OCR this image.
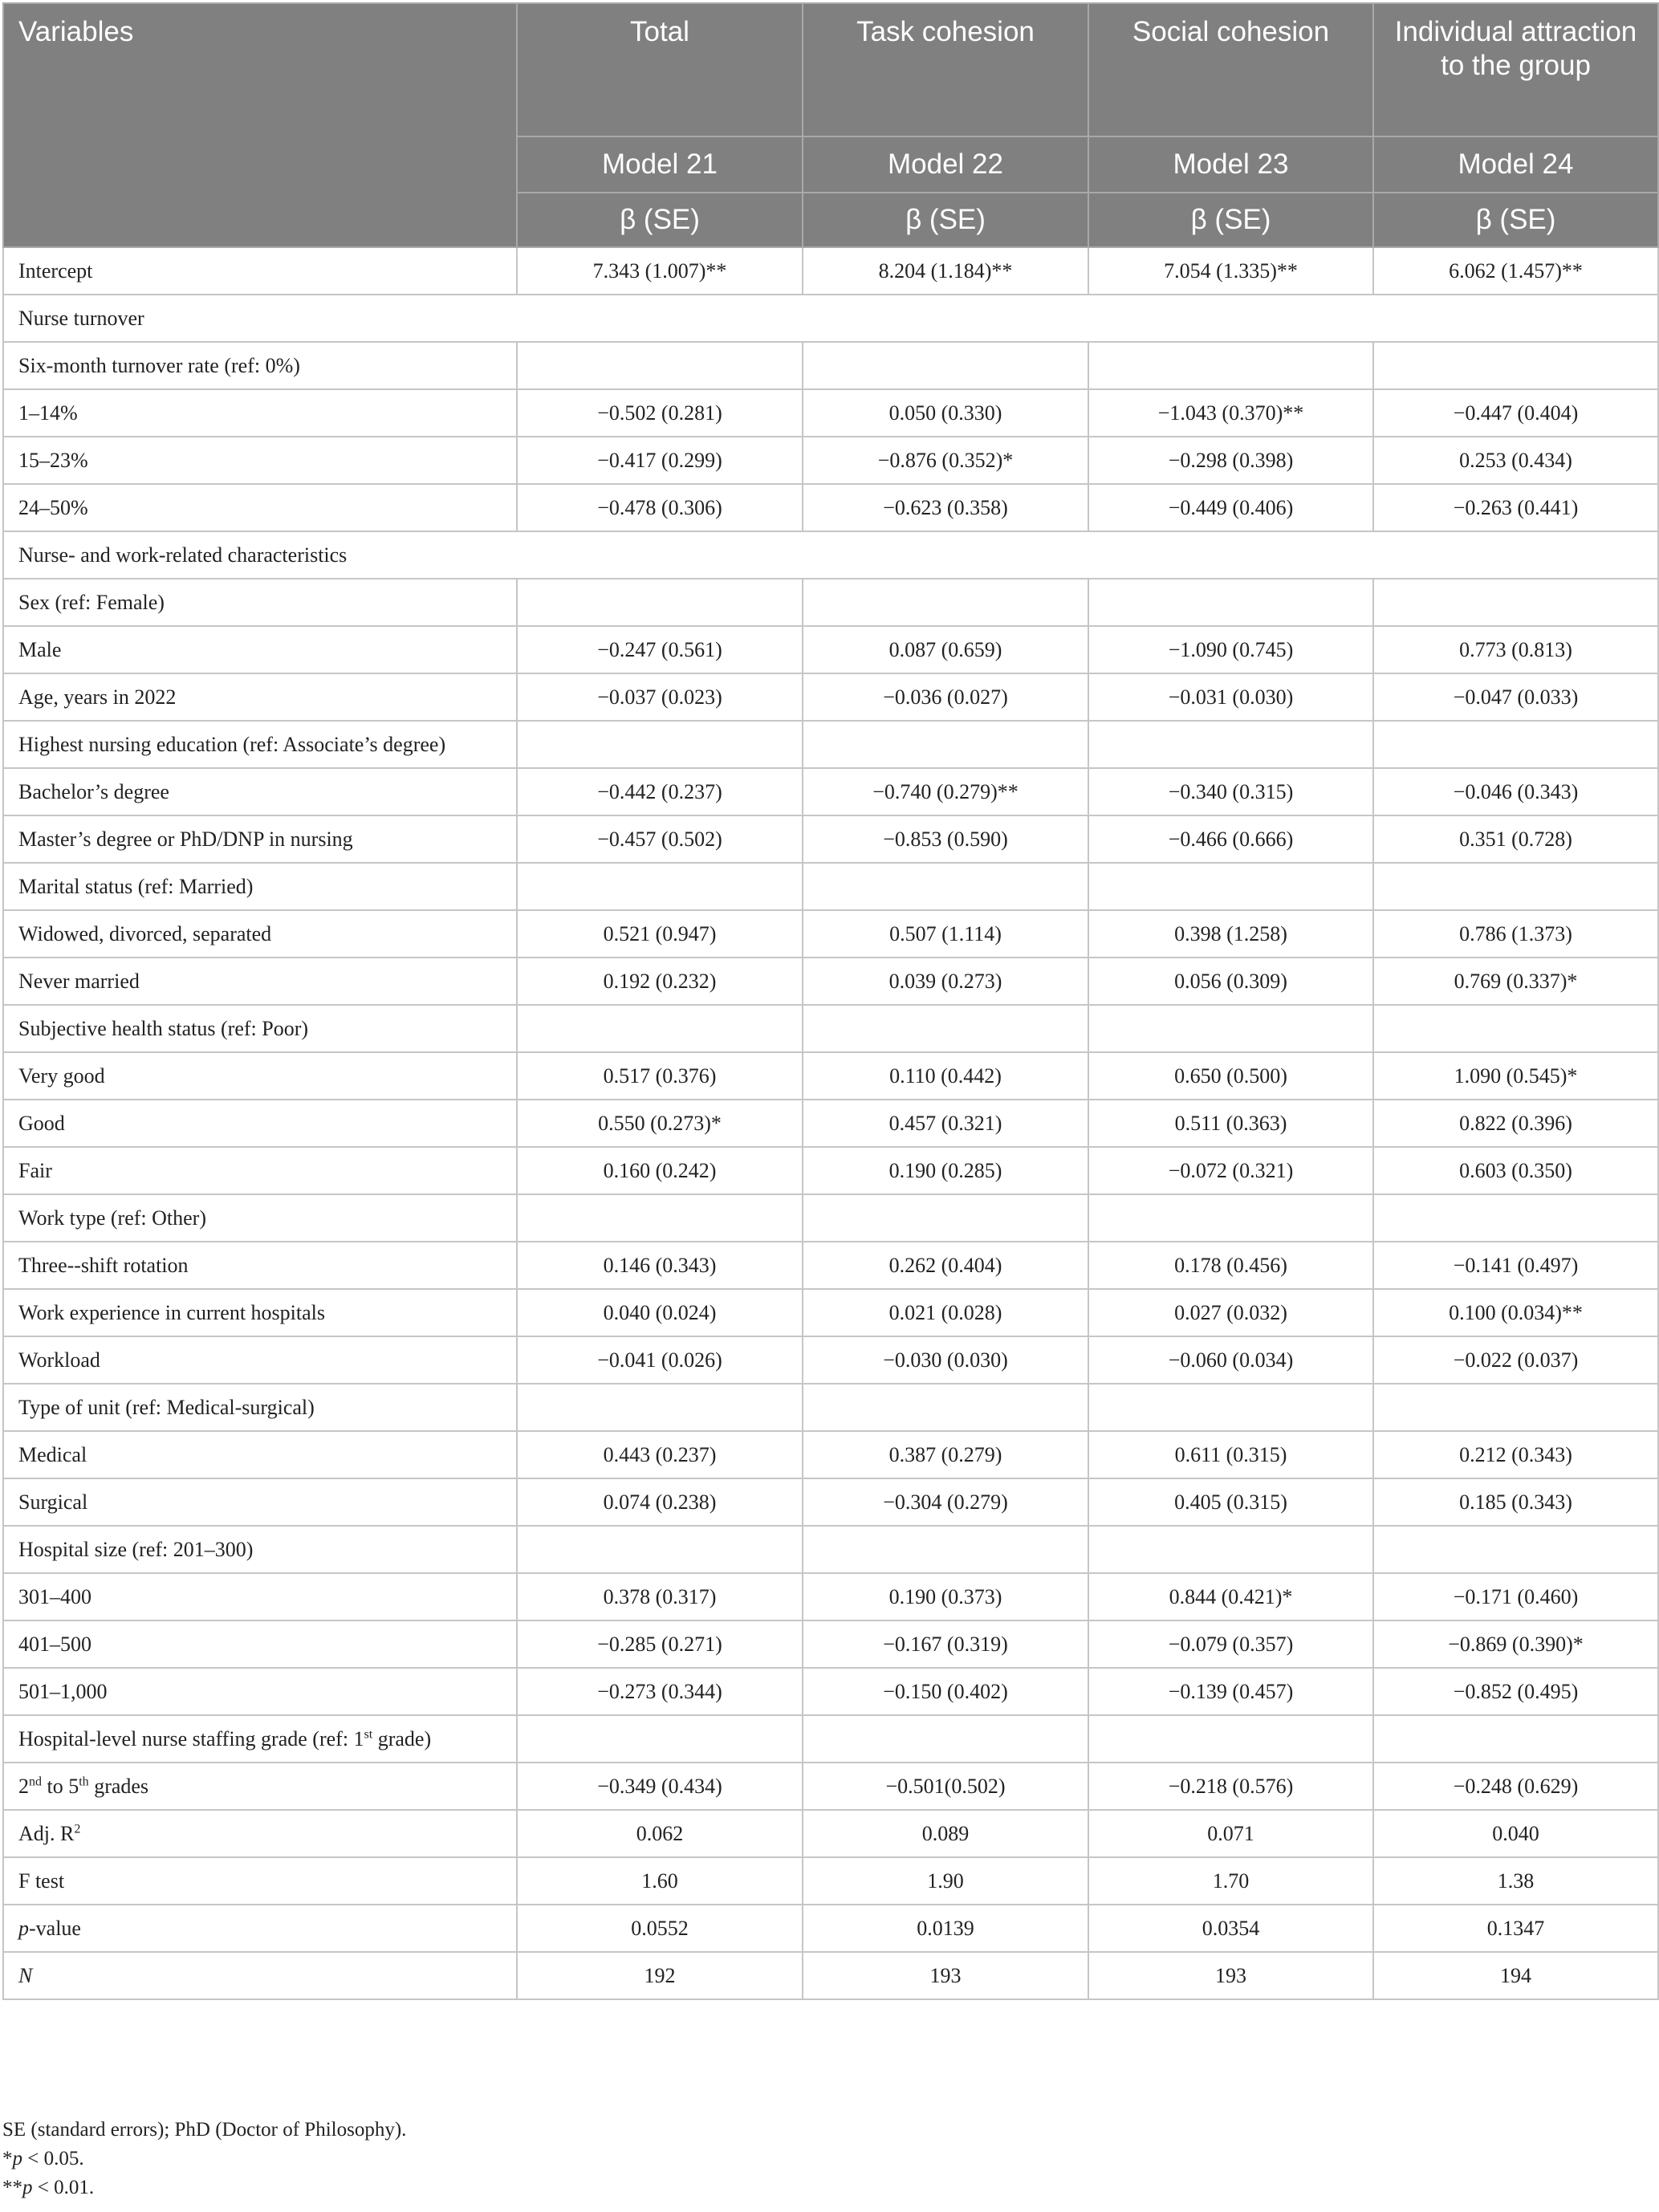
Variables	Total	Task cohesion	Social cohesion	Individual attraction to the group
	Model 21	Model 22	Model 23	Model 24
	β (SE)	β (SE)	β (SE)	β (SE)
Intercept	7.343 (1.007)**	8.204 (1.184)**	7.054 (1.335)**	6.062 (1.457)**
Nurse turnover				
Six-month turnover rate (ref: 0%)				
1–14%	−0.502 (0.281)	0.050 (0.330)	−1.043 (0.370)**	−0.447 (0.404)
15–23%	−0.417 (0.299)	−0.876 (0.352)*	−0.298 (0.398)	0.253 (0.434)
24–50%	−0.478 (0.306)	−0.623 (0.358)	−0.449 (0.406)	−0.263 (0.441)
Nurse- and work-related characteristics				
Sex (ref: Female)				
Male	−0.247 (0.561)	0.087 (0.659)	−1.090 (0.745)	0.773 (0.813)
Age, years in 2022	−0.037 (0.023)	−0.036 (0.027)	−0.031 (0.030)	−0.047 (0.033)
Highest nursing education (ref: Associate’s degree)				
Bachelor’s degree	−0.442 (0.237)	−0.740 (0.279)**	−0.340 (0.315)	−0.046 (0.343)
Master’s degree or PhD/DNP in nursing	−0.457 (0.502)	−0.853 (0.590)	−0.466 (0.666)	0.351 (0.728)
Marital status (ref: Married)				
Widowed, divorced, separated	0.521 (0.947)	0.507 (1.114)	0.398 (1.258)	0.786 (1.373)
Never married	0.192 (0.232)	0.039 (0.273)	0.056 (0.309)	0.769 (0.337)*
Subjective health status (ref: Poor)				
Very good	0.517 (0.376)	0.110 (0.442)	0.650 (0.500)	1.090 (0.545)*
Good	0.550 (0.273)*	0.457 (0.321)	0.511 (0.363)	0.822 (0.396)
Fair	0.160 (0.242)	0.190 (0.285)	−0.072 (0.321)	0.603 (0.350)
Work type (ref: Other)				
Three--shift rotation	0.146 (0.343)	0.262 (0.404)	0.178 (0.456)	−0.141 (0.497)
Work experience in current hospitals	0.040 (0.024)	0.021 (0.028)	0.027 (0.032)	0.100 (0.034)**
Workload	−0.041 (0.026)	−0.030 (0.030)	−0.060 (0.034)	−0.022 (0.037)
Type of unit (ref: Medical-surgical)				
Medical	0.443 (0.237)	0.387 (0.279)	0.611 (0.315)	0.212 (0.343)
Surgical	0.074 (0.238)	−0.304 (0.279)	0.405 (0.315)	0.185 (0.343)
Hospital size (ref: 201–300)				
301–400	0.378 (0.317)	0.190 (0.373)	0.844 (0.421)*	−0.171 (0.460)
401–500	−0.285 (0.271)	−0.167 (0.319)	−0.079 (0.357)	−0.869 (0.390)*
501–1,000	−0.273 (0.344)	−0.150 (0.402)	−0.139 (0.457)	−0.852 (0.495)
Hospital-level nurse staffing grade (ref: 1st grade)				
2nd to 5th grades	−0.349 (0.434)	−0.501(0.502)	−0.218 (0.576)	−0.248 (0.629)
Adj. $R^2$	0.062	0.089	0.071	0.040
F test	1.60	1.90	1.70	1.38
p-value	0.0552	0.0139	0.0354	0.1347
N	192	193	193	194

SE (standard errors); PhD (Doctor of Philosophy).

*p < 0.05.

**p < 0.01.
